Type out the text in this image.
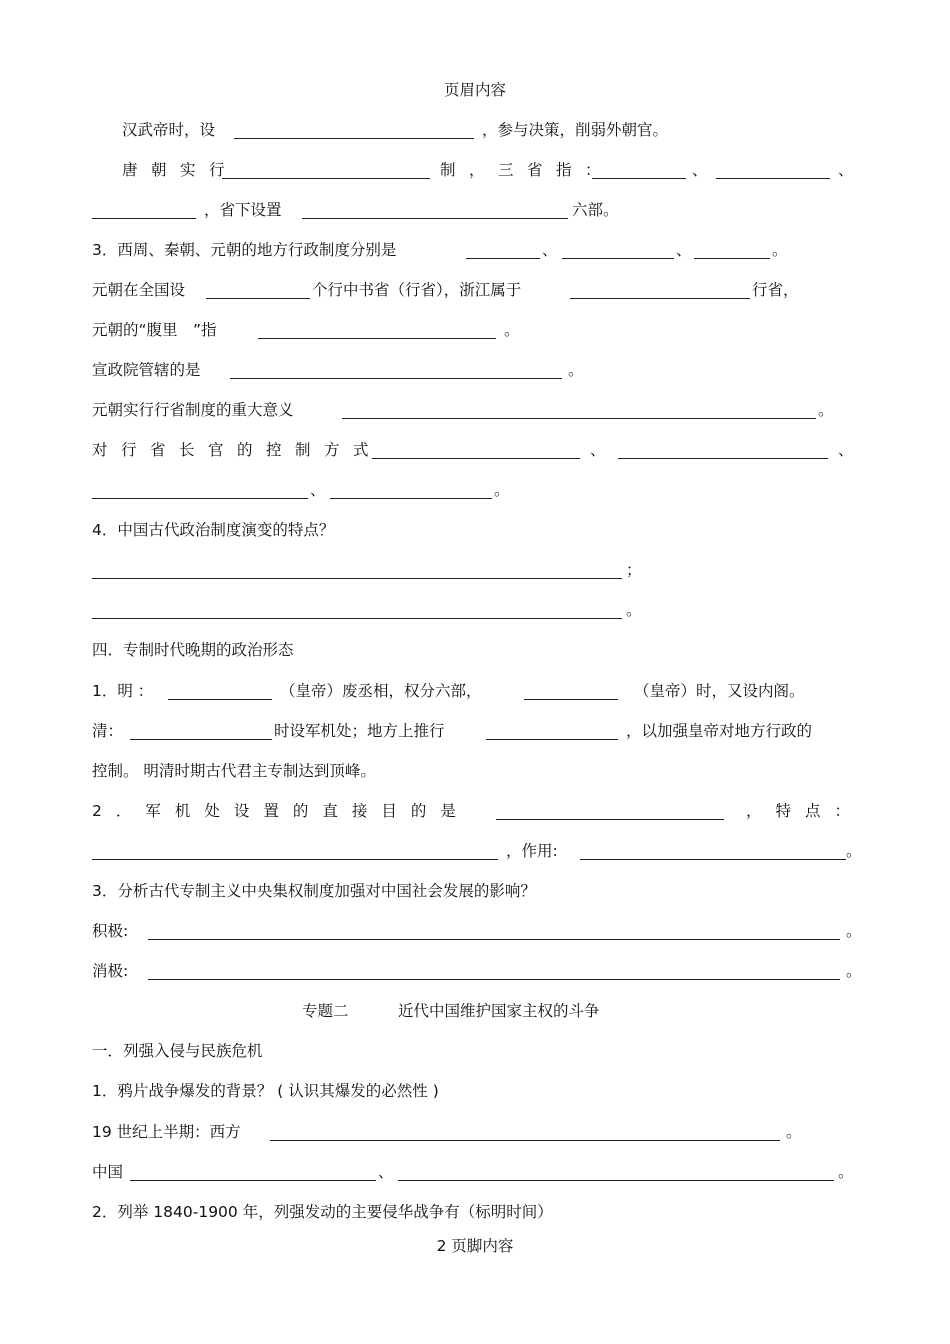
页眉内容
汉武帝时，设	，参与决策，削弱外朝官。
唐朝实行	制，三省指：	、	、
，省下设置	六部。
3．西周、秦朝、元朝的地方行政制度分别是	、	、	。
元朝在全国设	个行中书省（行省），浙江属于	行省，
元朝的“腹里　”指	。
宣政院管辖的是	。
元朝实行行省制度的重大意义	。
对行省长官的控制方式	、	、
、	。
4．中国古代政治制度演变的特点？
；
。
四．专制时代晚期的政治形态
1．明 ：	（皇帝）废丞相，权分六部，	（皇帝）时，又设内阁。
清：	时设军机处；地方上推行	，以加强皇帝对地方行政的
控制。 明清时期古代君主专制达到顶峰。
2．军机处设置的直接目的是	，特点：
，作用:	。
3．分析古代专制主义中央集权制度加强对中国社会发展的影响？
积极:	。
消极:	。
专题二	近代中国维护国家主权的斗争
一．列强入侵与民族危机
1．鸦片战争爆发的背景？ ( 认识其爆发的必然性 )
19 世纪上半期：西方	。
中国	、	。
2．列举 1840-1900 年，列强发动的主要侵华战争有（标明时间）
2 页脚内容
